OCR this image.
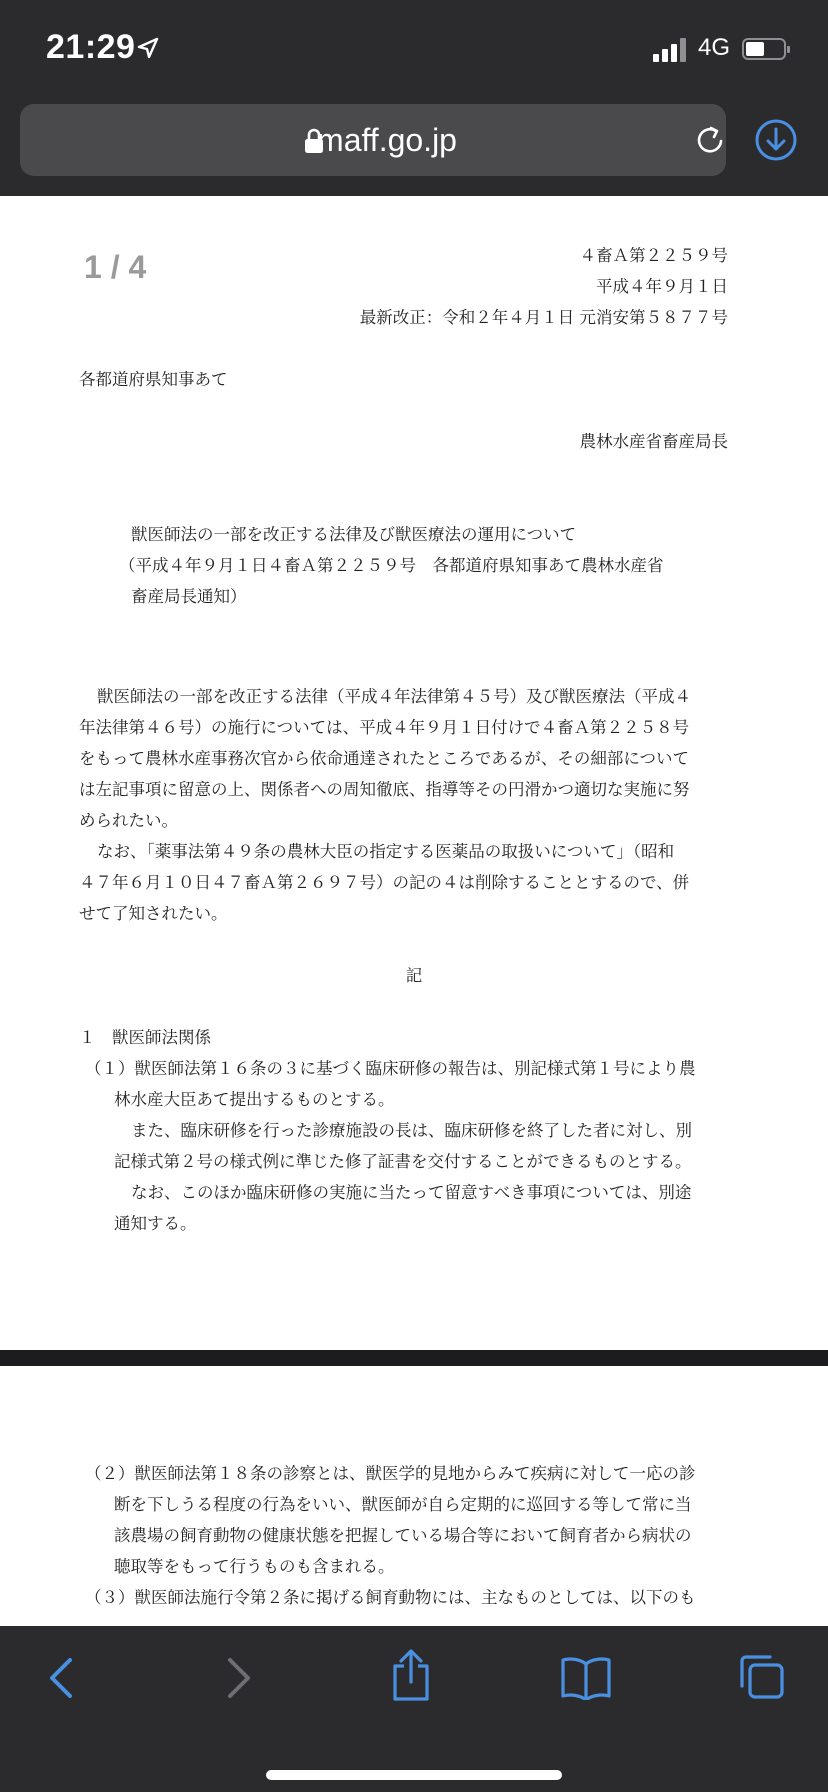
21:29	4G
maff.go.jp
1 / 4	４畜Ａ第２２５９号
平成４年９月１日
最新改正：令和２年４月１日 元消安第５８７７号
各都道府県知事あて
農林水産省畜産局長
獣医師法の一部を改正する法律及び獣医療法の運用について
（平成４年９月１日４畜Ａ第２２５９号　各都道府県知事あて農林水産省
畜産局長通知）
獣医師法の一部を改正する法律（平成４年法律第４５号）及び獣医療法（平成４
年法律第４６号）の施行については、平成４年９月１日付けで４畜Ａ第２２５８号
をもって農林水産事務次官から依命通達されたところであるが、その細部について
は左記事項に留意の上、関係者への周知徹底、指導等その円滑かつ適切な実施に努
められたい。
なお、「薬事法第４９条の農林大臣の指定する医薬品の取扱いについて」（昭和
４７年６月１０日４７畜Ａ第２６９７号）の記の４は削除することとするので、併
せて了知されたい。
記
１　獣医師法関係
（１）獣医師法第１６条の３に基づく臨床研修の報告は、別記様式第１号により農
林水産大臣あて提出するものとする。
また、臨床研修を行った診療施設の長は、臨床研修を終了した者に対し、別
記様式第２号の様式例に準じた修了証書を交付することができるものとする。
なお、このほか臨床研修の実施に当たって留意すべき事項については、別途
通知する。
（２）獣医師法第１８条の診察とは、獣医学的見地からみて疾病に対して一応の診
断を下しうる程度の行為をいい、獣医師が自ら定期的に巡回する等して常に当
該農場の飼育動物の健康状態を把握している場合等において飼育者から病状の
聴取等をもって行うものも含まれる。
（３）獣医師法施行令第２条に掲げる飼育動物には、主なものとしては、以下のも
